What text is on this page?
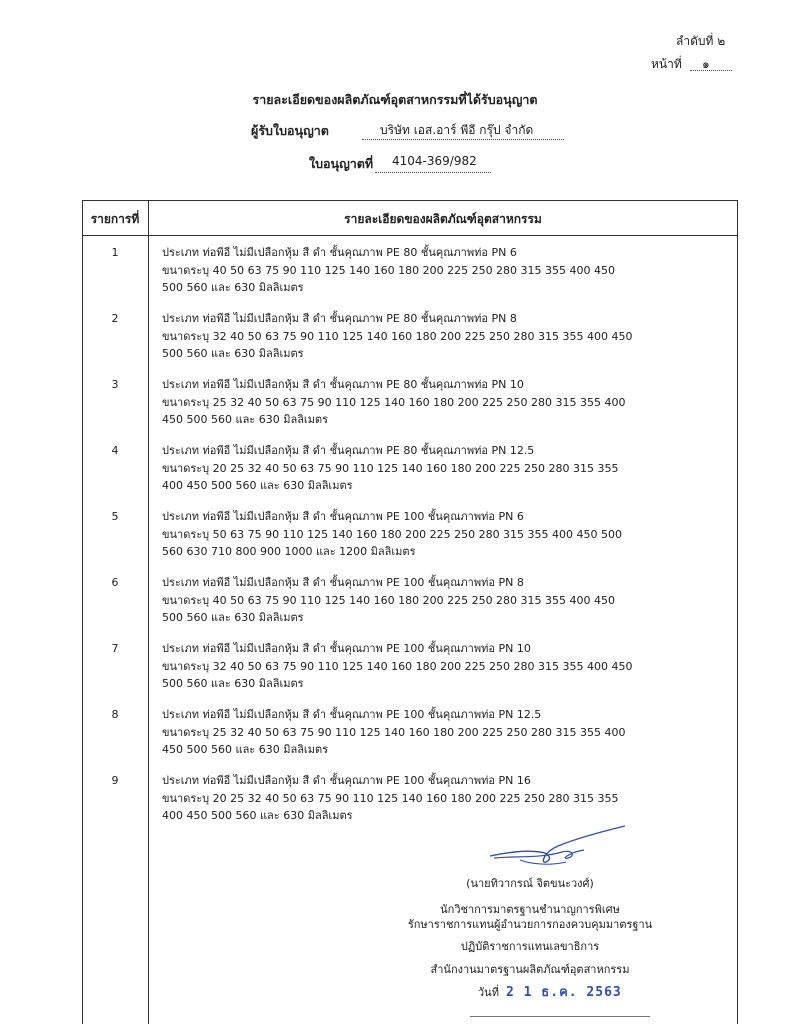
ลำดับที่ ๒
หน้าที่ ๑
รายละเอียดของผลิตภัณฑ์อุตสาหกรรมที่ได้รับอนุญาต
ผู้รับใบอนุญาต	บริษัท เอส.อาร์ พีอี กรุ๊ป จำกัด
ใบอนุญาตที่ 4104-369/982
รายการที่	รายละเอียดของผลิตภัณฑ์อุตสาหกรรม
1	ประเภท ท่อพีอี ไม่มีเปลือกหุ้ม สี ดำ ชั้นคุณภาพ PE 80 ชั้นคุณภาพท่อ PN 6
ขนาดระบุ 40 50 63 75 90 110 125 140 160 180 200 225 250 280 315 355 400 450
500 560 และ 630 มิลลิเมตร
2	ประเภท ท่อพีอี ไม่มีเปลือกหุ้ม สี ดำ ชั้นคุณภาพ PE 80 ชั้นคุณภาพท่อ PN 8
ขนาดระบุ 32 40 50 63 75 90 110 125 140 160 180 200 225 250 280 315 355 400 450
500 560 และ 630 มิลลิเมตร
3	ประเภท ท่อพีอี ไม่มีเปลือกหุ้ม สี ดำ ชั้นคุณภาพ PE 80 ชั้นคุณภาพท่อ PN 10
ขนาดระบุ 25 32 40 50 63 75 90 110 125 140 160 180 200 225 250 280 315 355 400
450 500 560 และ 630 มิลลิเมตร
4	ประเภท ท่อพีอี ไม่มีเปลือกหุ้ม สี ดำ ชั้นคุณภาพ PE 80 ชั้นคุณภาพท่อ PN 12.5
ขนาดระบุ 20 25 32 40 50 63 75 90 110 125 140 160 180 200 225 250 280 315 355
400 450 500 560 และ 630 มิลลิเมตร
5	ประเภท ท่อพีอี ไม่มีเปลือกหุ้ม สี ดำ ชั้นคุณภาพ PE 100 ชั้นคุณภาพท่อ PN 6
ขนาดระบุ 50 63 75 90 110 125 140 160 180 200 225 250 280 315 355 400 450 500
560 630 710 800 900 1000 และ 1200 มิลลิเมตร
6	ประเภท ท่อพีอี ไม่มีเปลือกหุ้ม สี ดำ ชั้นคุณภาพ PE 100 ชั้นคุณภาพท่อ PN 8
ขนาดระบุ 40 50 63 75 90 110 125 140 160 180 200 225 250 280 315 355 400 450
500 560 และ 630 มิลลิเมตร
7	ประเภท ท่อพีอี ไม่มีเปลือกหุ้ม สี ดำ ชั้นคุณภาพ PE 100 ชั้นคุณภาพท่อ PN 10
ขนาดระบุ 32 40 50 63 75 90 110 125 140 160 180 200 225 250 280 315 355 400 450
500 560 และ 630 มิลลิเมตร
8	ประเภท ท่อพีอี ไม่มีเปลือกหุ้ม สี ดำ ชั้นคุณภาพ PE 100 ชั้นคุณภาพท่อ PN 12.5
ขนาดระบุ 25 32 40 50 63 75 90 110 125 140 160 180 200 225 250 280 315 355 400
450 500 560 และ 630 มิลลิเมตร
9	ประเภท ท่อพีอี ไม่มีเปลือกหุ้ม สี ดำ ชั้นคุณภาพ PE 100 ชั้นคุณภาพท่อ PN 16
ขนาดระบุ 20 25 32 40 50 63 75 90 110 125 140 160 180 200 225 250 280 315 355
400 450 500 560 และ 630 มิลลิเมตร
(นายทิวากรณ์ จิตขนะวงศ์)
นักวิชาการมาตรฐานชำนาญการพิเศษ
รักษาราชการแทนผู้อำนวยการกองควบคุมมาตรฐาน
ปฏิบัติราชการแทนเลขาธิการ
สำนักงานมาตรฐานผลิตภัณฑ์อุตสาหกรรม
วันที่ 2 1 ธ.ค. 2563
